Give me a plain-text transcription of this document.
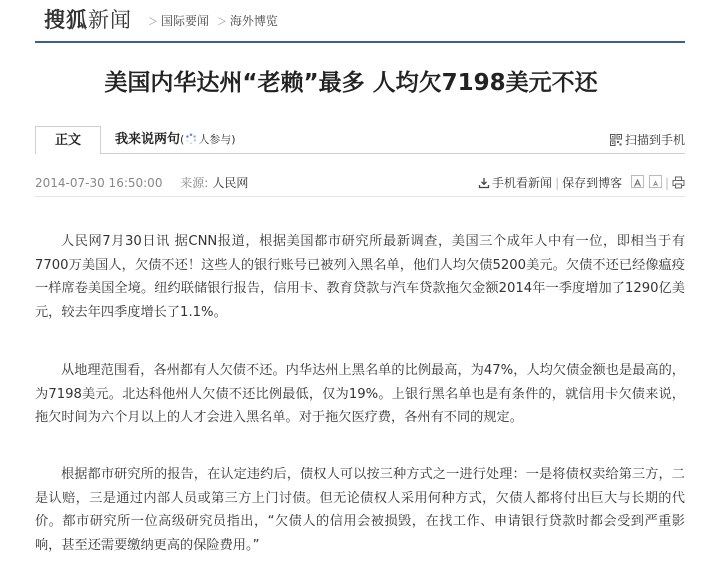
搜狐新闻 ＞ 国际要闻 ＞ 海外博览
美国内华达州“老赖”最多 人均欠7198美元不还
正文	我来说两句( 人参与)	扫描到手机
2014-07-30 16:50:00 来源: 人民网	手机看新闻 | 保存到博客	|

人民网7月30日讯 据CNN报道，根据美国都市研究所最新调查，美国三个成年人中有一位，即相当于有7700万美国人，欠债不还！这些人的银行账号已被列入黑名单，他们人均欠债5200美元。欠债不还已经像瘟疫一样席卷美国全境。纽约联储银行报告，信用卡、教育贷款与汽车贷款拖欠金额2014年一季度增加了1290亿美元，较去年四季度增长了1.1%。

从地理范围看，各州都有人欠债不还。内华达州上黑名单的比例最高，为47%，人均欠债金额也是最高的，为7198美元。北达科他州人欠债不还比例最低，仅为19%。上银行黑名单也是有条件的，就信用卡欠债来说，拖欠时间为六个月以上的人才会进入黑名单。对于拖欠医疗费，各州有不同的规定。

根据都市研究所的报告，在认定违约后，债权人可以按三种方式之一进行处理：一是将债权卖给第三方，二是认赔，三是通过内部人员或第三方上门讨债。但无论债权人采用何种方式，欠债人都将付出巨大与长期的代价。都市研究所一位高级研究员指出，“欠债人的信用会被损毁，在找工作、申请银行贷款时都会受到严重影响，甚至还需要缴纳更高的保险费用。”
